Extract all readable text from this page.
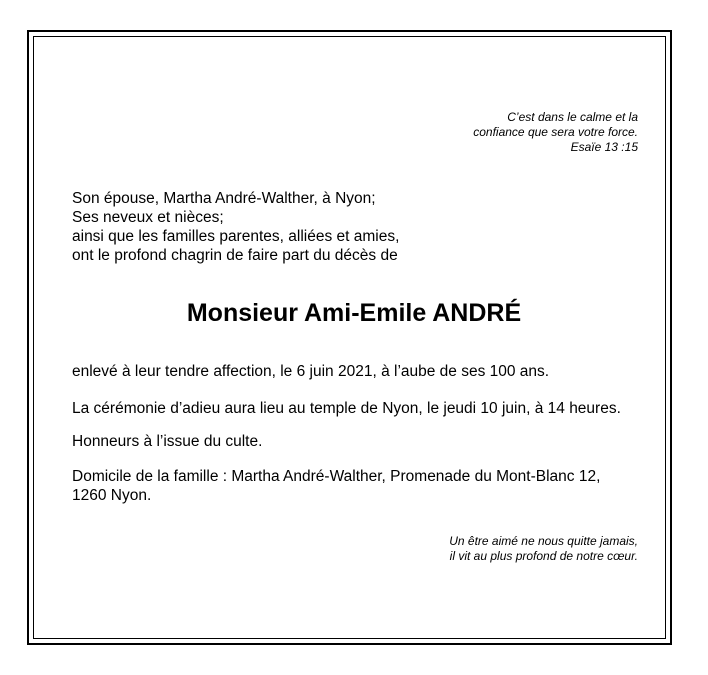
C’est dans le calme et la
confiance que sera votre force.
Esaïe 13 :15
Son épouse, Martha André-Walther, à Nyon;
Ses neveux et nièces;
ainsi que les familles parentes, alliées et amies,
ont le profond chagrin de faire part du décès de
Monsieur Ami-Emile ANDRÉ
enlevé à leur tendre affection, le 6 juin 2021, à l’aube de ses 100 ans.
La cérémonie d’adieu aura lieu au temple de Nyon, le jeudi 10 juin, à 14 heures.
Honneurs à l’issue du culte.
Domicile de la famille : Martha André-Walther, Promenade du Mont-Blanc 12,
1260 Nyon.
Un être aimé ne nous quitte jamais,
il vit au plus profond de notre cœur.
